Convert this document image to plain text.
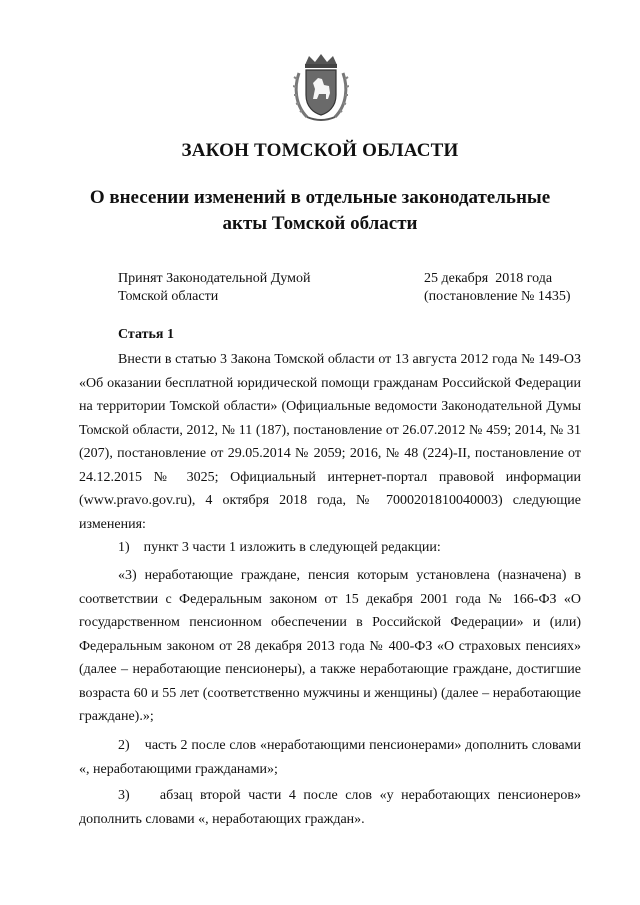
ЗАКОН ТОМСКОЙ ОБЛАСТИ
О внесении изменений в отдельные законодательные
акты Томской области
Принят Законодательной Думой
Томской области
25 декабря  2018 года
(постановление № 1435)
Статья 1

Внести в статью 3 Закона Томской области от 13 августа 2012 года № 149-ОЗ «Об оказании бесплатной юридической помощи гражданам Российской Федерации на территории Томской области» (Официальные ведомости Законодательной Думы Томской области, 2012, № 11 (187), постановление от 26.07.2012 № 459; 2014, № 31 (207), постановление от 29.05.2014 № 2059; 2016, № 48 (224)-II, постановление от 24.12.2015 № 3025; Официальный интернет-портал правовой информации (www.pravo.gov.ru), 4 октября 2018 года, № 7000201810040003) следующие изменения:

1)    пункт 3 части 1 изложить в следующей редакции:

«3) неработающие граждане, пенсия которым установлена (назначена) в соответствии с Федеральным законом от 15 декабря 2001 года № 166-ФЗ «О государственном пенсионном обеспечении в Российской Федерации» и (или) Федеральным законом от 28 декабря 2013 года № 400-ФЗ «О страховых пенсиях» (далее – неработающие пенсионеры), а также неработающие граждане, достигшие возраста 60 и 55 лет (соответственно мужчины и женщины) (далее – неработающие граждане).»;

2)    часть 2 после слов «неработающими пенсионерами» дополнить словами «, неработающими гражданами»;

3)    абзац второй части 4 после слов «у неработающих пенсионеров» дополнить словами «, неработающих граждан».
